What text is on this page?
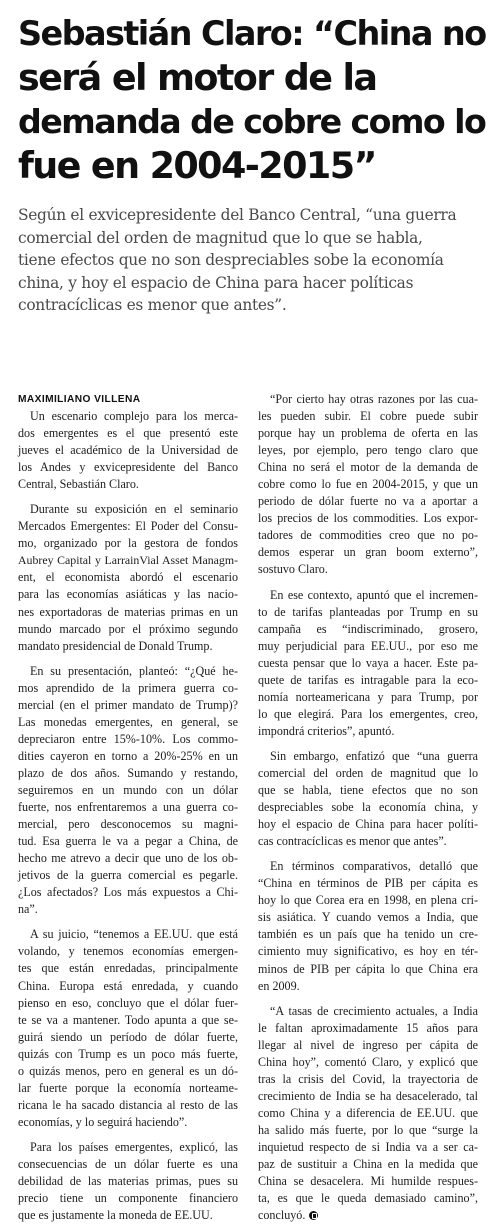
Sebastián Claro: “China no
será el motor de la
demanda de cobre como lo
fue en 2004-2015”
Según el exvicepresidente del Banco Central, “una guerra
comercial del orden de magnitud que lo que se habla,
tiene efectos que no son despreciables sobe la economía
china, y hoy el espacio de China para hacer políticas
contracíclicas es menor que antes”.
MAXIMILIANO VILLENA
Un escenario complejo para los merca-
dos emergentes es el que presentó este
jueves el académico de la Universidad de
los Andes y exvicepresidente del Banco
Central, Sebastián Claro.
Durante su exposición en el seminario
Mercados Emergentes: El Poder del Consu-
mo, organizado por la gestora de fondos
Aubrey Capital y LarrainVial Asset Managm-
ent, el economista abordó el escenario
para las economías asiáticas y las nacio-
nes exportadoras de materias primas en un
mundo marcado por el próximo segundo
mandato presidencial de Donald Trump.
En su presentación, planteó: “¿Qué he-
mos aprendido de la primera guerra co-
mercial (en el primer mandato de Trump)?
Las monedas emergentes, en general, se
depreciaron entre 15%-10%. Los commo-
dities cayeron en torno a 20%-25% en un
plazo de dos años. Sumando y restando,
seguiremos en un mundo con un dólar
fuerte, nos enfrentaremos a una guerra co-
mercial, pero desconocemos su magni-
tud. Esa guerra le va a pegar a China, de
hecho me atrevo a decir que uno de los ob-
jetivos de la guerra comercial es pegarle.
¿Los afectados? Los más expuestos a Chi-
na”.
A su juicio, “tenemos a EE.UU. que está
volando, y tenemos economías emergen-
tes que están enredadas, principalmente
China. Europa está enredada, y cuando
pienso en eso, concluyo que el dólar fuer-
te se va a mantener. Todo apunta a que se-
guirá siendo un período de dólar fuerte,
quizás con Trump es un poco más fuerte,
o quizás menos, pero en general es un dó-
lar fuerte porque la economía norteame-
ricana le ha sacado distancia al resto de las
economías, y lo seguirá haciendo”.
Para los países emergentes, explicó, las
consecuencias de un dólar fuerte es una
debilidad de las materias primas, pues su
precio tiene un componente financiero
que es justamente la moneda de EE.UU.
“Por cierto hay otras razones por las cua-
les pueden subir. El cobre puede subir
porque hay un problema de oferta en las
leyes, por ejemplo, pero tengo claro que
China no será el motor de la demanda de
cobre como lo fue en 2004-2015, y que un
periodo de dólar fuerte no va a aportar a
los precios de los commodities. Los expor-
tadores de commodities creo que no po-
demos esperar un gran boom externo”,
sostuvo Claro.
En ese contexto, apuntó que el incremen-
to de tarifas planteadas por Trump en su
campaña es “indiscriminado, grosero,
muy perjudicial para EE.UU., por eso me
cuesta pensar que lo vaya a hacer. Este pa-
quete de tarifas es intragable para la eco-
nomía norteamericana y para Trump, por
lo que elegirá. Para los emergentes, creo,
impondrá criterios”, apuntó.
Sin embargo, enfatizó que “una guerra
comercial del orden de magnitud que lo
que se habla, tiene efectos que no son
despreciables sobe la economía china, y
hoy el espacio de China para hacer políti-
cas contracíclicas es menor que antes”.
En términos comparativos, detalló que
“China en términos de PIB per cápita es
hoy lo que Corea era en 1998, en plena cri-
sis asiática. Y cuando vemos a India, que
también es un país que ha tenido un cre-
cimiento muy significativo, es hoy en tér-
minos de PIB per cápita lo que China era
en 2009.
“A tasas de crecimiento actuales, a India
le faltan aproximadamente 15 años para
llegar al nivel de ingreso per cápita de
China hoy”, comentó Claro, y explicó que
tras la crisis del Covid, la trayectoria de
crecimiento de India se ha desacelerado, tal
como China y a diferencia de EE.UU. que
ha salido más fuerte, por lo que “surge la
inquietud respecto de si India va a ser ca-
paz de sustituir a China en la medida que
China se desacelera. Mi humilde respues-
ta, es que le queda demasiado camino”,
concluyó.
